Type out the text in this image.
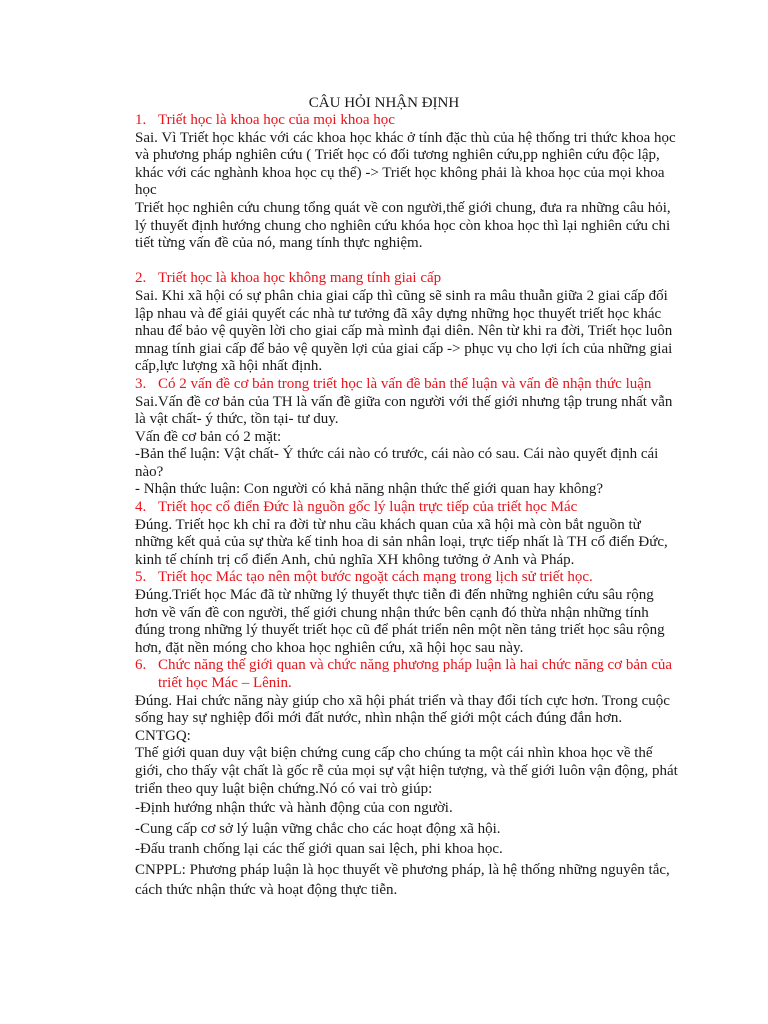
CÂU HỎI NHẬN ĐỊNH

1. Triết học là khoa học của mọi khoa học

Sai. Vì Triết học khác với các khoa học khác ở tính đặc thù của hệ thống tri thức khoa học và phương pháp nghiên cứu ( Triết học có đối tương nghiên cứu,pp nghiên cứu độc lập, khác với các nghành khoa học cụ thể) -> Triết học không phải là khoa học của mọi khoa học

Triết học nghiên cứu chung tổng quát về con người,thế giới chung, đưa ra những câu hỏi, lý thuyết định hướng chung cho nghiên cứu khóa học còn khoa học thì lại nghiên cứu chi tiết từng vấn đề của nó, mang tính thực nghiệm.

2. Triết học là khoa học không mang tính giai cấp

Sai. Khi xã hội có sự phân chia giai cấp thì cũng sẽ sinh ra mâu thuẫn giữa 2 giai cấp đối lập nhau và để giải quyết các nhà tư tưởng đã xây dựng những học thuyết triết học khác nhau để bảo vệ quyền lời cho giai cấp mà mình đại diên. Nên từ khi ra đời, Triết học luôn mnag tính giai cấp để bảo vệ quyền lợi của giai cấp -> phục vụ cho lợi ích của những giai cấp,lực lượng xã hội nhất định.

3. Có 2 vấn đề cơ bản trong triết học là vấn đề bản thể luận và vấn đề nhận thức luận

Sai.Vấn đề cơ bản của TH là vấn đề giữa con người với thế giới nhưng tập trung nhất vẫn là vật chất- ý thức, tồn tại- tư duy.

Vấn đề cơ bản có 2 mặt:

-Bản thể luận: Vật chất- Ý thức cái nào có trước, cái nào có sau. Cái nào quyết định cái nào?

- Nhận thức luận: Con người có khả năng nhận thức thế giới quan hay không?

4. Triết học cổ điển Đức là nguồn gốc lý luận trực tiếp của triết học Mác

Đúng. Triết học kh chỉ ra đời từ nhu cầu khách quan của xã hội mà còn bắt nguồn từ những kết quả của sự thừa kế tinh hoa di sản nhân loại, trực tiếp nhất là TH cổ điển Đức, kinh tế chính trị cổ điển Anh, chủ nghĩa XH không tưởng ở Anh và Pháp.

5. Triết học Mác tạo nên một bước ngoặt cách mạng trong lịch sử triết học.

Đúng.Triết học Mác đã từ những lý thuyết thực tiễn đi đến những nghiên cứu sâu rộng hơn về vấn đề con người, thế giới chung nhận thức bên cạnh đó thừa nhận những tính đúng trong những lý thuyết triết học cũ để phát triển nên một nền tảng triết học sâu rộng hơn, đặt nền móng cho khoa học nghiên cứu, xã hội học sau này.

6. Chức năng thế giới quan và chức năng phương pháp luận là hai chức năng cơ bản của triết học Mác – Lênin.

Đúng. Hai chức năng này giúp cho xã hội phát triển và thay đổi tích cực hơn. Trong cuộc sống hay sự nghiệp đổi mới đất nước, nhìn nhận thế giới một cách đúng đắn hơn.

CNTGQ:

Thế giới quan duy vật biện chứng cung cấp cho chúng ta một cái nhìn khoa học về thế giới, cho thấy vật chất là gốc rễ của mọi sự vật hiện tượng, và thế giới luôn vận động, phát triển theo quy luật biện chứng.Nó có vai trò giúp:

-Định hướng nhận thức và hành động của con người.

-Cung cấp cơ sở lý luận vững chắc cho các hoạt động xã hội.

-Đấu tranh chống lại các thế giới quan sai lệch, phi khoa học.

CNPPL: Phương pháp luận là học thuyết về phương pháp, là hệ thống những nguyên tắc, cách thức nhận thức và hoạt động thực tiễn.
